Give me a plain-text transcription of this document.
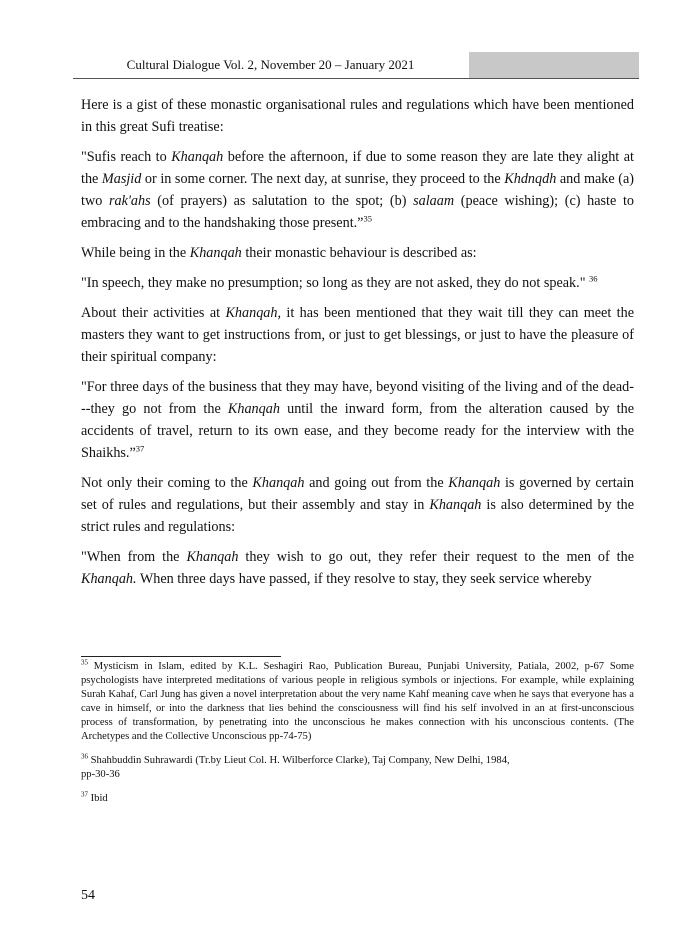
Cultural Dialogue Vol. 2, November 20 – January 2021

Here is a gist of these monastic organisational rules and regulations which have been mentioned in this great Sufi treatise:

"Sufis reach to Khanqah before the afternoon, if due to some reason they are late they alight at the Masjid or in some corner. The next day, at sunrise, they proceed to the Khdnqdh and make (a) two rak'ahs (of prayers) as salutation to the spot; (b) salaam (peace wishing); (c) haste to embracing and to the handshaking those present.”$^{35}$

While being in the Khanqah their monastic behaviour is described as:

"In speech, they make no presumption; so long as they are not asked, they do not speak." $^{36}$

About their activities at Khanqah, it has been mentioned that they wait till they can meet the masters they want to get instructions from, or just to get blessings, or just to have the pleasure of their spiritual company:

"For three days of the business that they may have, beyond visiting of the living and of the dead---they go not from the Khanqah until the inward form, from the alteration caused by the accidents of travel, return to its own ease, and they become ready for the interview with the Shaikhs.”$^{37}$

Not only their coming to the Khanqah and going out from the Khanqah is governed by certain set of rules and regulations, but their assembly and stay in Khanqah is also determined by the strict rules and regulations:

"When from the Khanqah they wish to go out, they refer their request to the men of the Khanqah. When three days have passed, if they resolve to stay, they seek service whereby

$^{35}$ Mysticism in Islam, edited by K.L. Seshagiri Rao, Publication Bureau, Punjabi University, Patiala, 2002, p-67 Some psychologists have interpreted meditations of various people in religious symbols or injections. For example, while explaining Surah Kahaf, Carl Jung has given a novel interpretation about the very name Kahf meaning cave when he says that everyone has a cave in himself, or into the darkness that lies behind the consciousness will find his self involved in an at first-unconscious process of transformation, by penetrating into the unconscious he makes connection with his unconscious contents. (The Archetypes and the Collective Unconscious pp-74-75)

$^{36}$ Shahbuddin Suhrawardi (Tr.by Lieut Col. H. Wilberforce Clarke), Taj Company, New Delhi, 1984,
pp-30-36

$^{37}$ Ibid

54
